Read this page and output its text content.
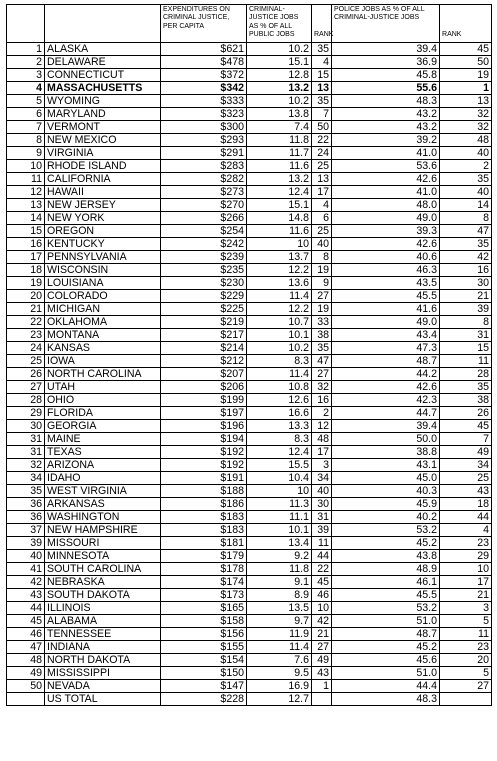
		EXPENDITURES ON CRIMINAL JUSTICE, PER CAPITA	CRIMINAL-JUSTICE JOBS AS % OF ALL PUBLIC JOBS	RANK	POLICE JOBS AS % OF ALL CRIMINAL-JUSTICE JOBS	RANK
1	ALASKA	$621	10.2	35	39.4	45
2	DELAWARE	$478	15.1	4	36.9	50
3	CONNECTICUT	$372	12.8	15	45.8	19
4	MASSACHUSETTS	$342	13.2	13	55.6	1
5	WYOMING	$333	10.2	35	48.3	13
6	MARYLAND	$323	13.8	7	43.2	32
7	VERMONT	$300	7.4	50	43.2	32
8	NEW MEXICO	$293	11.8	22	39.2	48
9	VIRGINIA	$291	11.7	24	41.0	40
10	RHODE ISLAND	$283	11.6	25	53.6	2
11	CALIFORNIA	$282	13.2	13	42.6	35
12	HAWAII	$273	12.4	17	41.0	40
13	NEW JERSEY	$270	15.1	4	48.0	14
14	NEW YORK	$266	14.8	6	49.0	8
15	OREGON	$254	11.6	25	39.3	47
16	KENTUCKY	$242	10	40	42.6	35
17	PENNSYLVANIA	$239	13.7	8	40.6	42
18	WISCONSIN	$235	12.2	19	46.3	16
19	LOUISIANA	$230	13.6	9	43.5	30
20	COLORADO	$229	11.4	27	45.5	21
21	MICHIGAN	$225	12.2	19	41.6	39
22	OKLAHOMA	$219	10.7	33	49.0	8
23	MONTANA	$217	10.1	38	43.4	31
24	KANSAS	$214	10.2	35	47.3	15
25	IOWA	$212	8.3	47	48.7	11
26	NORTH CAROLINA	$207	11.4	27	44.2	28
27	UTAH	$206	10.8	32	42.6	35
28	OHIO	$199	12.6	16	42.3	38
29	FLORIDA	$197	16.6	2	44.7	26
30	GEORGIA	$196	13.3	12	39.4	45
31	MAINE	$194	8.3	48	50.0	7
31	TEXAS	$192	12.4	17	38.8	49
32	ARIZONA	$192	15.5	3	43.1	34
34	IDAHO	$191	10.4	34	45.0	25
35	WEST VIRGINIA	$188	10	40	40.3	43
36	ARKANSAS	$186	11.3	30	45.9	18
36	WASHINGTON	$183	11.1	31	40.2	44
37	NEW HAMPSHIRE	$183	10.1	39	53.2	4
39	MISSOURI	$181	13.4	11	45.2	23
40	MINNESOTA	$179	9.2	44	43.8	29
41	SOUTH CAROLINA	$178	11.8	22	48.9	10
42	NEBRASKA	$174	9.1	45	46.1	17
43	SOUTH DAKOTA	$173	8.9	46	45.5	21
44	ILLINOIS	$165	13.5	10	53.2	3
45	ALABAMA	$158	9.7	42	51.0	5
46	TENNESSEE	$156	11.9	21	48.7	11
47	INDIANA	$155	11.4	27	45.2	23
48	NORTH DAKOTA	$154	7.6	49	45.6	20
49	MISSISSIPPI	$150	9.5	43	51.0	5
50	NEVADA	$147	16.9	1	44.4	27
	US TOTAL	$228	12.7		48.3	
